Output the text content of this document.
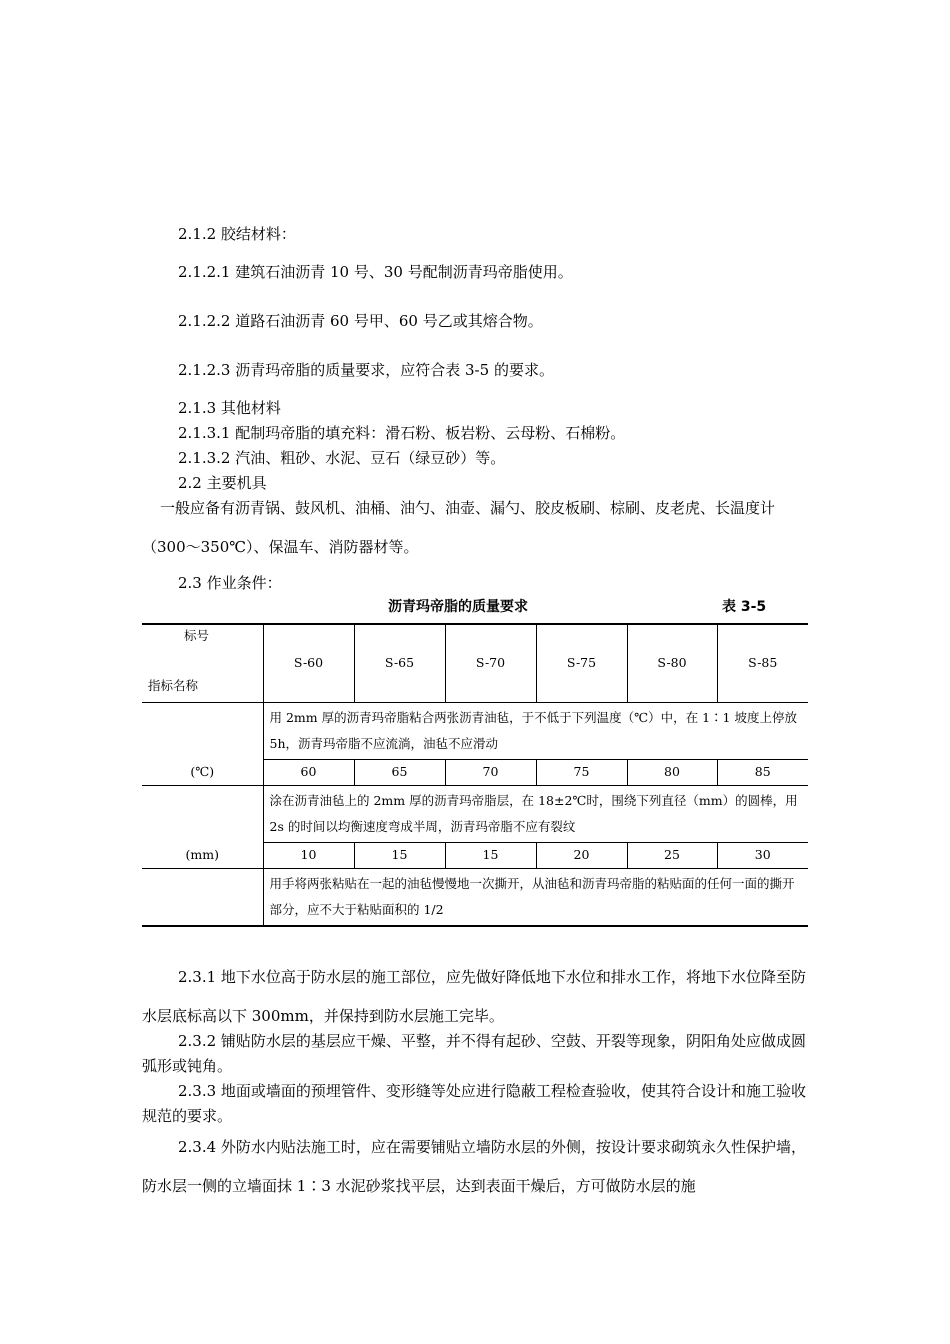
2.1.2 胶结材料：
2.1.2.1 建筑石油沥青 10 号、30 号配制沥青玛帝脂使用。
2.1.2.2 道路石油沥青 60 号甲、60 号乙或其熔合物。
2.1.2.3 沥青玛帝脂的质量要求，应符合表 3-5 的要求。
2.1.3 其他材料
2.1.3.1 配制玛帝脂的填充料：滑石粉、板岩粉、云母粉、石棉粉。
2.1.3.2 汽油、粗砂、水泥、豆石（绿豆砂）等。
2.2 主要机具
一般应备有沥青锅、鼓风机、油桶、油勺、油壶、漏勺、胶皮板刷、棕刷、皮老虎、长温度计
（300～350℃）、保温车、消防器材等。
2.3 作业条件：
沥青玛帝脂的质量要求	表 3-5
标号
指标名称	S-60	S-65	S-70	S-75	S-80	S-85
(℃)	用 2mm 厚的沥青玛帝脂粘合两张沥青油毡，于不低于下列温度（℃）中，在 1∶1 坡度上停放 5h，沥青玛帝脂不应流淌，油毡不应滑动					
	60	65	70	75	80	85
(mm)	涂在沥青油毡上的 2mm 厚的沥青玛帝脂层，在 18±2℃时，围绕下列直径（mm）的圆棒，用 2s 的时间以均衡速度弯成半周，沥青玛帝脂不应有裂纹					
	10	15	15	20	25	30
	用手将两张粘贴在一起的油毡慢慢地一次撕开，从油毡和沥青玛帝脂的粘贴面的任何一面的撕开部分，应不大于粘贴面积的 1/2					
2.3.1 地下水位高于防水层的施工部位，应先做好降低地下水位和排水工作，将地下水位降至防水层底标高以下 300mm，并保持到防水层施工完毕。
2.3.2 铺贴防水层的基层应干燥、平整，并不得有起砂、空鼓、开裂等现象，阴阳角处应做成圆弧形或钝角。
2.3.3 地面或墙面的预埋管件、变形缝等处应进行隐蔽工程检查验收，使其符合设计和施工验收规范的要求。
2.3.4 外防水内贴法施工时，应在需要铺贴立墙防水层的外侧，按设计要求砌筑永久性保护墙，防水层一侧的立墙面抹 1∶3 水泥砂浆找平层，达到表面干燥后，方可做防水层的施
